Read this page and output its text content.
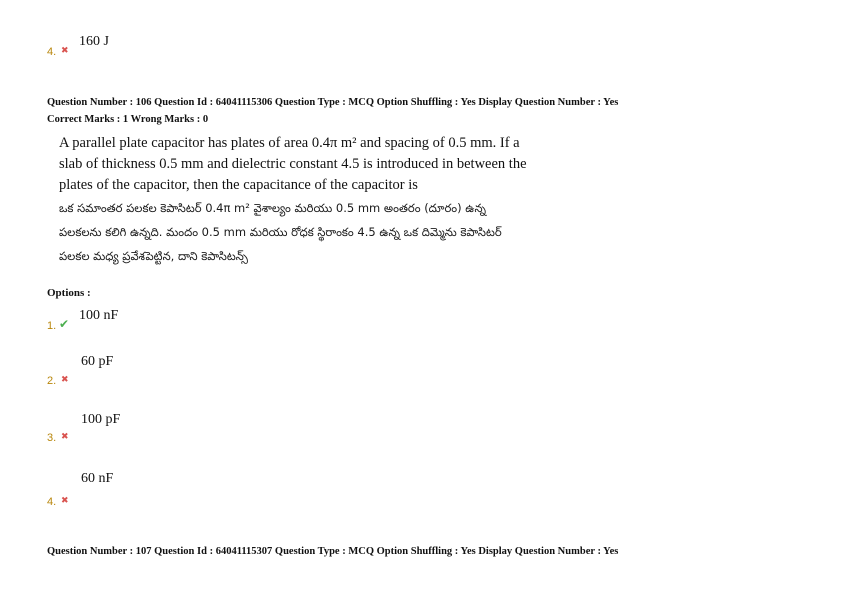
160 J
4. ✖
Question Number : 106 Question Id : 64041115306 Question Type : MCQ Option Shuffling : Yes Display Question Number : Yes
Correct Marks : 1 Wrong Marks : 0
A parallel plate capacitor has plates of area 0.4π m² and spacing of 0.5 mm. If a
slab of thickness 0.5 mm and dielectric constant 4.5 is introduced in between the
plates of the capacitor, then the capacitance of the capacitor is
ఒక సమాంతర పలకల కెపాసిటర్ 0.4π m² వైశాల్యం మరియు 0.5 mm అంతరం (దూరం) ఉన్న
పలకలను కలిగి ఉన్నది. మందం 0.5 mm మరియు రోధక స్థిరాంకం 4.5 ఉన్న ఒక దిమ్మెను కెపాసిటర్
పలకల మధ్య ప్రవేశపెట్టిన, దాని కెపాసిటన్స్
Options :
100 nF
1. ✔
60 pF
2. ✖
100 pF
3. ✖
60 nF
4. ✖
Question Number : 107 Question Id : 64041115307 Question Type : MCQ Option Shuffling : Yes Display Question Number : Yes
